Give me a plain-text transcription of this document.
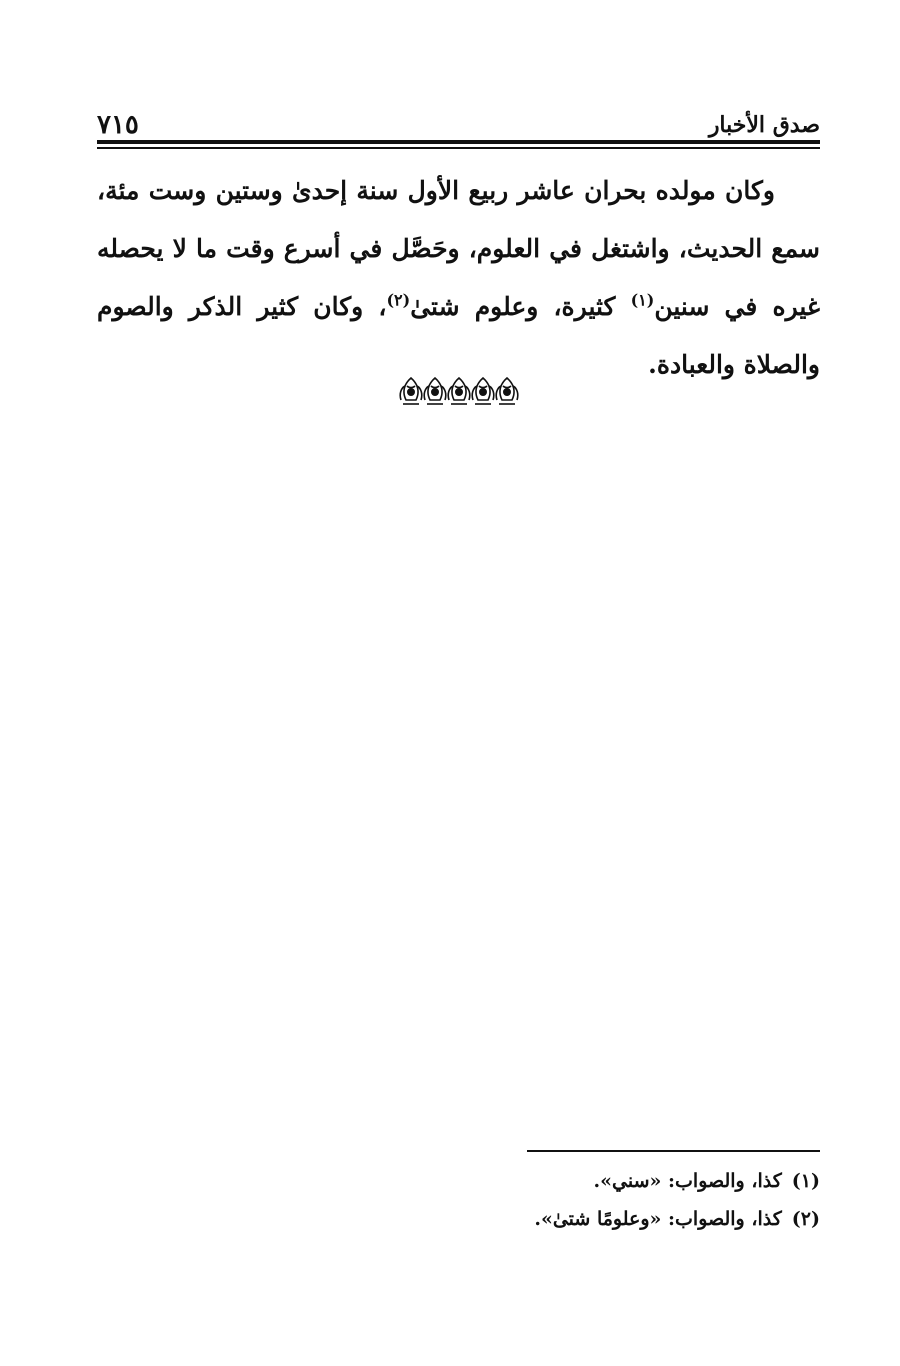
صدق الأخبار
٧١٥

وكان مولده بحران عاشر ربيع الأول سنة إحدىٰ وستين وست مئة، سمع الحديث، واشتغل في العلوم، وحَصَّل في أسرع وقت ما لا يحصله غيره في سنين$^{(١)}$ كثيرة، وعلوم شتىٰ$^{(٢)}$، وكان كثير الذكر والصوم والصلاة والعبادة.

(١)كذا، والصواب: «سني».
(٢)كذا، والصواب: «وعلومًا شتىٰ».
